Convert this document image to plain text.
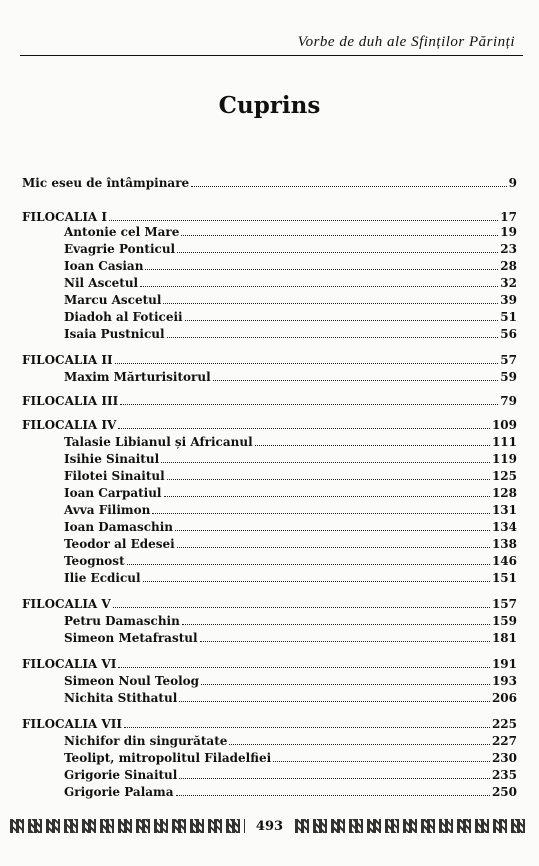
Vorbe de duh ale Sfinților Părinți
Cuprins
Mic eseu de întâmpinare	9
FILOCALIA I	17
Antonie cel Mare	19
Evagrie Ponticul	23
Ioan Casian	28
Nil Ascetul	32
Marcu Ascetul	39
Diadoh al Foticeii	51
Isaia Pustnicul	56
FILOCALIA II	57
Maxim Mărturisitorul	59
FILOCALIA III	79
FILOCALIA IV	109
Talasie Libianul și Africanul	111
Isihie Sinaitul	119
Filotei Sinaitul	125
Ioan Carpatiul	128
Avva Filimon	131
Ioan Damaschin	134
Teodor al Edesei	138
Teognost	146
Ilie Ecdicul	151
FILOCALIA V	157
Petru Damaschin	159
Simeon Metafrastul	181
FILOCALIA VI	191
Simeon Noul Teolog	193
Nichita Stithatul	206
FILOCALIA VII	225
Nichifor din singurătate	227
Teolipt, mitropolitul Filadelfiei	230
Grigorie Sinaitul	235
Grigorie Palama	250
493
